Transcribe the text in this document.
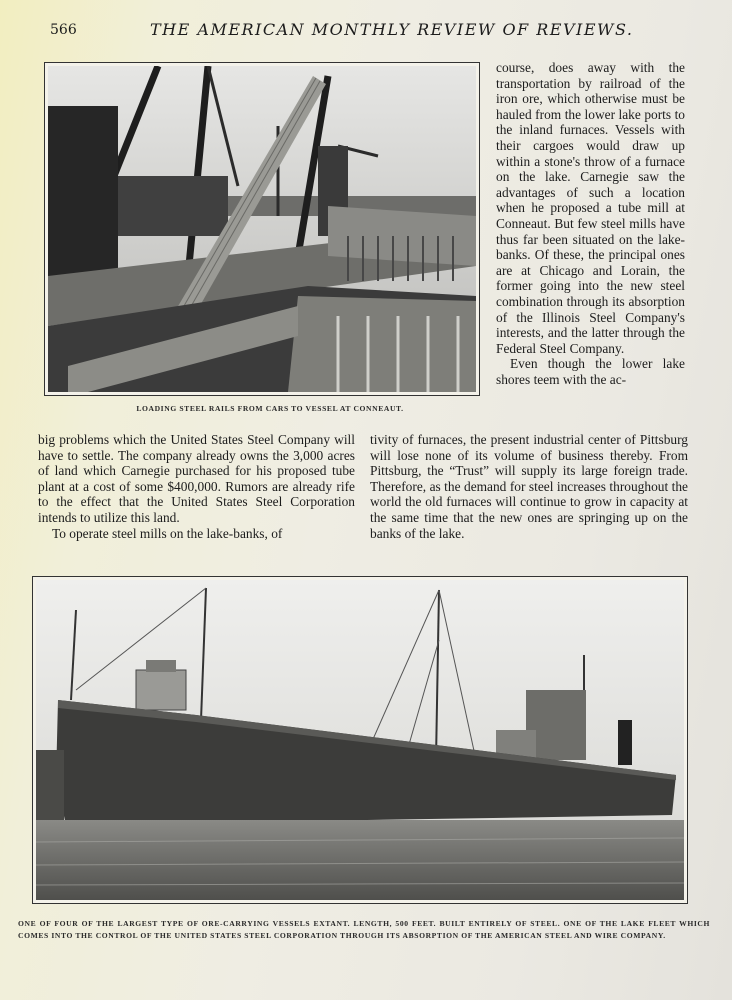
566	THE AMERICAN MONTHLY REVIEW OF REVIEWS.
LOADING STEEL RAILS FROM CARS TO VESSEL AT CONNEAUT.

course, does away with the transportation by railroad of the iron ore, which otherwise must be hauled from the lower lake ports to the inland furnaces. Vessels with their cargoes would draw up within a stone's throw of a furnace on the lake. Carnegie saw the advantages of such a location when he proposed a tube mill at Conneaut. But few steel mills have thus far been situated on the lake-banks. Of these, the principal ones are at Chicago and Lorain, the former going into the new steel combination through its absorption of the Illinois Steel Company's interests, and the latter through the Federal Steel Company.

Even though the lower lake shores teem with the ac-

big problems which the United States Steel Company will have to settle. The company already owns the 3,000 acres of land which Carnegie purchased for his proposed tube plant at a cost of some $400,000. Rumors are already rife to the effect that the United States Steel Corporation intends to utilize this land.

To operate steel mills on the lake-banks, of

tivity of furnaces, the present industrial center of Pittsburg will lose none of its volume of business thereby. From Pittsburg, the “Trust” will supply its large foreign trade. Therefore, as the demand for steel increases throughout the world the old furnaces will continue to grow in capacity at the same time that the new ones are springing up on the banks of the lake.

ONE OF FOUR OF THE LARGEST TYPE OF ORE-CARRYING VESSELS EXTANT. LENGTH, 500 FEET. BUILT ENTIRELY OF STEEL. ONE OF THE LAKE FLEET WHICH COMES INTO THE CONTROL OF THE UNITED STATES STEEL CORPORATION THROUGH ITS ABSORPTION OF THE AMERICAN STEEL AND WIRE COMPANY.
